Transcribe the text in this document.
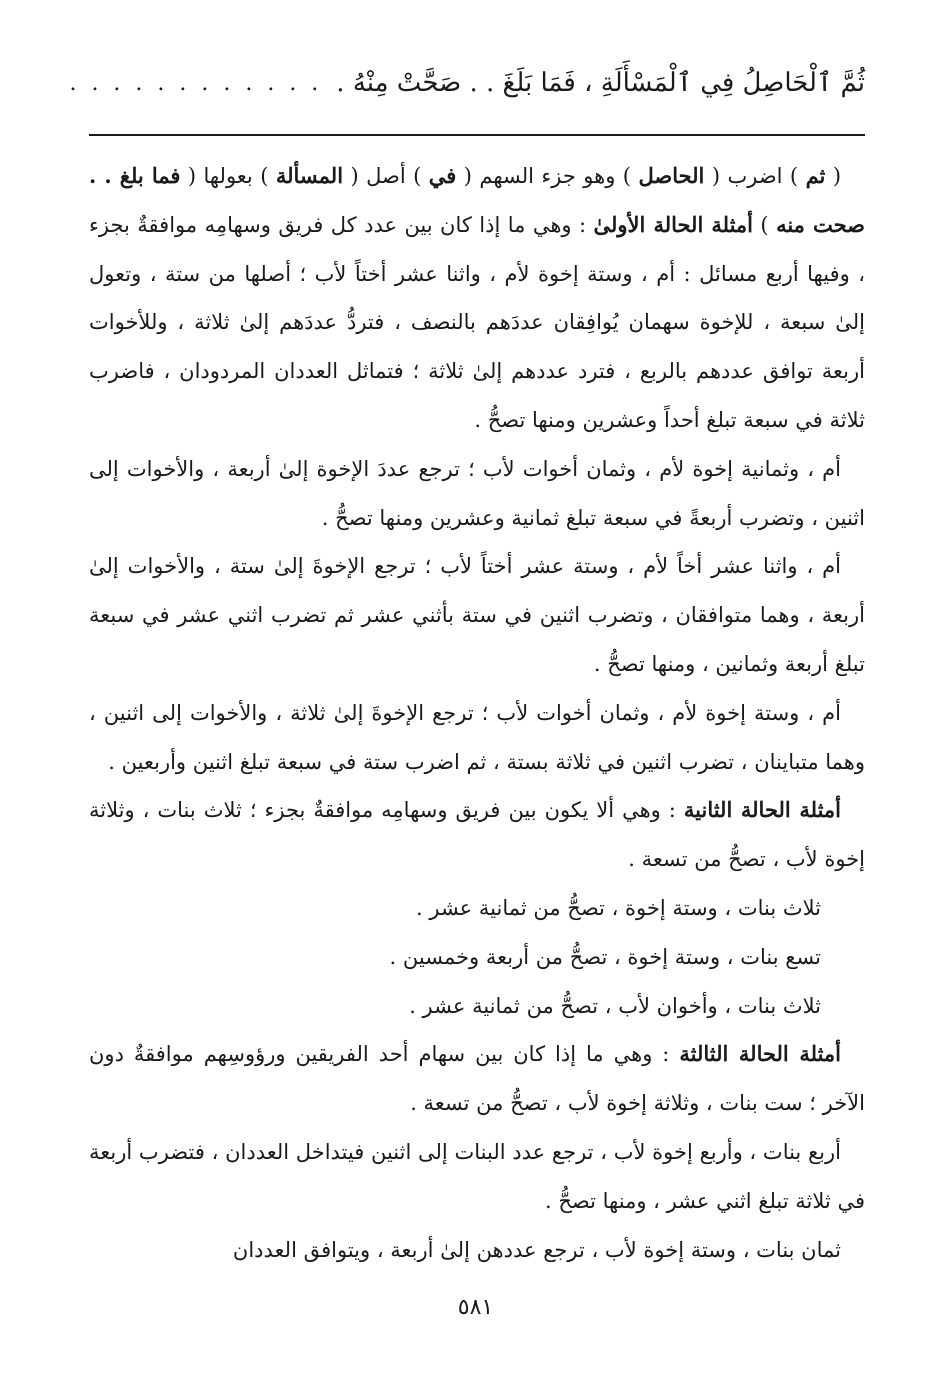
ثُمَّ ٱلْحَاصِلُ فِي ٱلْمَسْأَلَةِ ، فَمَا بَلَغَ . . صَحَّتْ مِنْهُ .
. . . . . . . . . . . .

( ثم ) اضرب ( الحاصل ) وهو جزء السهم ( في ) أصل ( المسألة ) بعولها ( فما بلغ . . صحت منه ) أمثلة الحالة الأولىٰ : وهي ما إذا كان بين عدد كل فريق وسهامِه موافقةٌ بجزء ، وفيها أربع مسائل : أم ، وستة إخوة لأم ، واثنا عشر أختاً لأب ؛ أصلها من ستة ، وتعول إلىٰ سبعة ، للإخوة سهمان يُوافِقان عددَهم بالنصف ، فتردُّ عددَهم إلىٰ ثلاثة ، وللأخوات أربعة توافق عددهم بالربع ، فترد عددهم إلىٰ ثلاثة ؛ فتماثل العددان المردودان ، فاضرب ثلاثة في سبعة تبلغ أحداً وعشرين ومنها تصحُّ .

أم ، وثمانية إخوة لأم ، وثمان أخوات لأب ؛ ترجع عددَ الإخوة إلىٰ أربعة ، والأخوات إلى اثنين ، وتضرب أربعةً في سبعة تبلغ ثمانية وعشرين ومنها تصحُّ .

أم ، واثنا عشر أخاً لأم ، وستة عشر أختاً لأب ؛ ترجع الإخوةَ إلىٰ ستة ، والأخوات إلىٰ أربعة ، وهما متوافقان ، وتضرب اثنين في ستة بأثني عشر ثم تضرب اثني عشر في سبعة تبلغ أربعة وثمانين ، ومنها تصحُّ .

أم ، وستة إخوة لأم ، وثمان أخوات لأب ؛ ترجع الإخوةَ إلىٰ ثلاثة ، والأخوات إلى اثنين ، وهما متباينان ، تضرب اثنين في ثلاثة بستة ، ثم اضرب ستة في سبعة تبلغ اثنين وأربعين .

أمثلة الحالة الثانية : وهي ألا يكون بين فريق وسهامِه موافقةٌ بجزء ؛ ثلاث بنات ، وثلاثة إخوة لأب ، تصحُّ من تسعة .

ثلاث بنات ، وستة إخوة ، تصحُّ من ثمانية عشر .

تسع بنات ، وستة إخوة ، تصحُّ من أربعة وخمسين .

ثلاث بنات ، وأخوان لأب ، تصحُّ من ثمانية عشر .

أمثلة الحالة الثالثة : وهي ما إذا كان بين سهام أحد الفريقين ورؤوسِهم موافقةٌ دون الآخر ؛ ست بنات ، وثلاثة إخوة لأب ، تصحُّ من تسعة .

أربع بنات ، وأربع إخوة لأب ، ترجع عدد البنات إلى اثنين فيتداخل العددان ، فتضرب أربعة في ثلاثة تبلغ اثني عشر ، ومنها تصحُّ .

ثمان بنات ، وستة إخوة لأب ، ترجع عددهن إلىٰ أربعة ، ويتوافق العددان

٥٨١
